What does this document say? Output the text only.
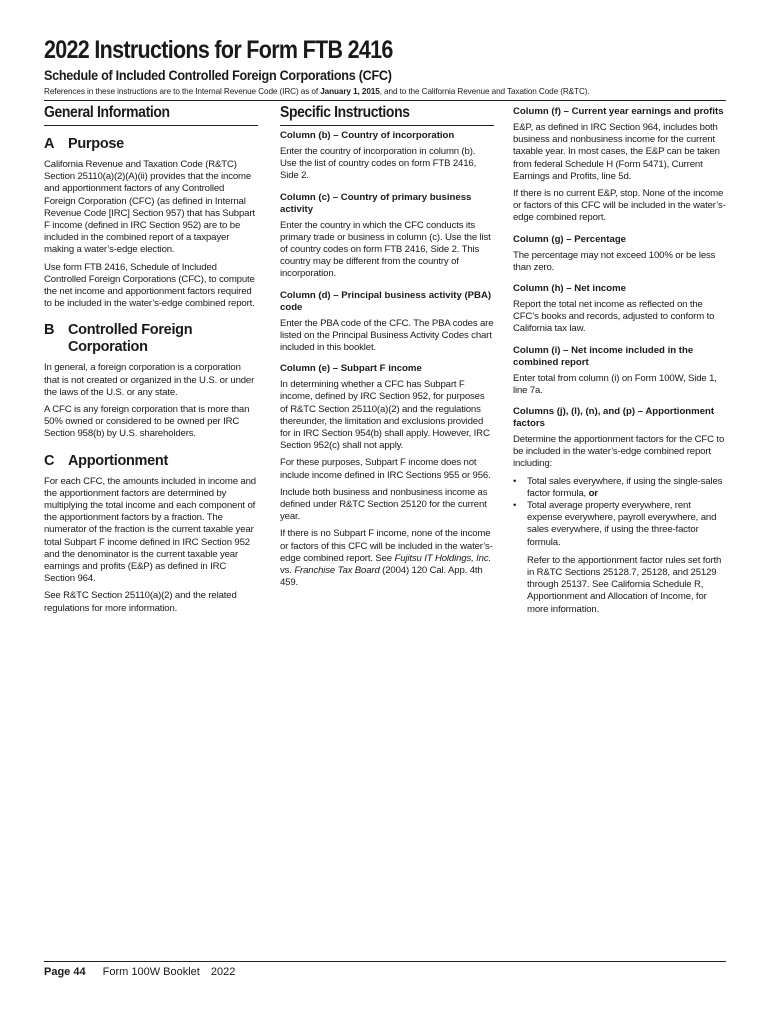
2022 Instructions for Form FTB 2416
Schedule of Included Controlled Foreign Corporations (CFC)

References in these instructions are to the Internal Revenue Code (IRC) as of January 1, 2015, and to the California Revenue and Taxation Code (R&TC).

General Information
A Purpose

California Revenue and Taxation Code (R&TC) Section 25110(a)(2)(A)(ii) provides that the income and apportionment factors of any Controlled Foreign Corporation (CFC) (as defined in Internal Revenue Code [IRC] Section 957) that has Subpart F income (defined in IRC Section 952) are to be included in the combined report of a taxpayer making a water’s-edge election.

Use form FTB 2416, Schedule of Included Controlled Foreign Corporations (CFC), to compute the net income and apportionment factors required to be included in the water’s-edge combined report.

B Controlled Foreign Corporation

In general, a foreign corporation is a corporation that is not created or organized in the U.S. or under the laws of the U.S. or any state.

A CFC is any foreign corporation that is more than 50% owned or considered to be owned per IRC Section 958(b) by U.S. shareholders.

C Apportionment

For each CFC, the amounts included in income and the apportionment factors are determined by multiplying the total income and each component of the apportionment factors by a fraction. The numerator of the fraction is the current taxable year total Subpart F income defined in IRC Section 952 and the denominator is the current taxable year earnings and profits (E&P) as defined in IRC Section 964.

See R&TC Section 25110(a)(2) and the related regulations for more information.

Specific Instructions
Column (b) – Country of incorporation

Enter the country of incorporation in column (b). Use the list of country codes on form FTB 2416, Side 2.

Column (c) – Country of primary business activity

Enter the country in which the CFC conducts its primary trade or business in column (c). Use the list of country codes on form FTB 2416, Side 2. This country may be different from the country of incorporation.

Column (d) – Principal business activity (PBA) code

Enter the PBA code of the CFC. The PBA codes are listed on the Principal Business Activity Codes chart included in this booklet.

Column (e) – Subpart F income

In determining whether a CFC has Subpart F income, defined by IRC Section 952, for purposes of R&TC Section 25110(a)(2) and the regulations thereunder, the limitation and exclusions provided for in IRC Section 954(b) shall apply. However, IRC Section 952(c) shall not apply.

For these purposes, Subpart F income does not include income defined in IRC Sections 955 or 956.

Include both business and nonbusiness income as defined under R&TC Section 25120 for the current year.

If there is no Subpart F income, none of the income or factors of this CFC will be included in the water’s-edge combined report. See Fujitsu IT Holdings, Inc. vs. Franchise Tax Board (2004) 120 Cal. App. 4th 459.

Column (f) – Current year earnings and profits

E&P, as defined in IRC Section 964, includes both business and nonbusiness income for the current taxable year. In most cases, the E&P can be taken from federal Schedule H (Form 5471), Current Earnings and Profits, line 5d.

If there is no current E&P, stop. None of the income or factors of this CFC will be included in the water’s-edge combined report.

Column (g) – Percentage

The percentage may not exceed 100% or be less than zero.

Column (h) – Net income

Report the total net income as reflected on the CFC’s books and records, adjusted to conform to California tax law.

Column (i) – Net income included in the combined report

Enter total from column (i) on Form 100W, Side 1, line 7a.

Columns (j), (l), (n), and (p) – Apportionment factors

Determine the apportionment factors for the CFC to be included in the water’s-edge combined report including:

•	Total sales everywhere, if using the single-sales factor formula, or
•	Total average property everywhere, rent expense everywhere, payroll everywhere, and sales everywhere, if using the three-factor formula.

Refer to the apportionment factor rules set forth in R&TC Sections 25128.7, 25128, and 25129 through 25137. See California Schedule R, Apportionment and Allocation of Income, for more information.

Page 44 Form 100W Booklet 2022
